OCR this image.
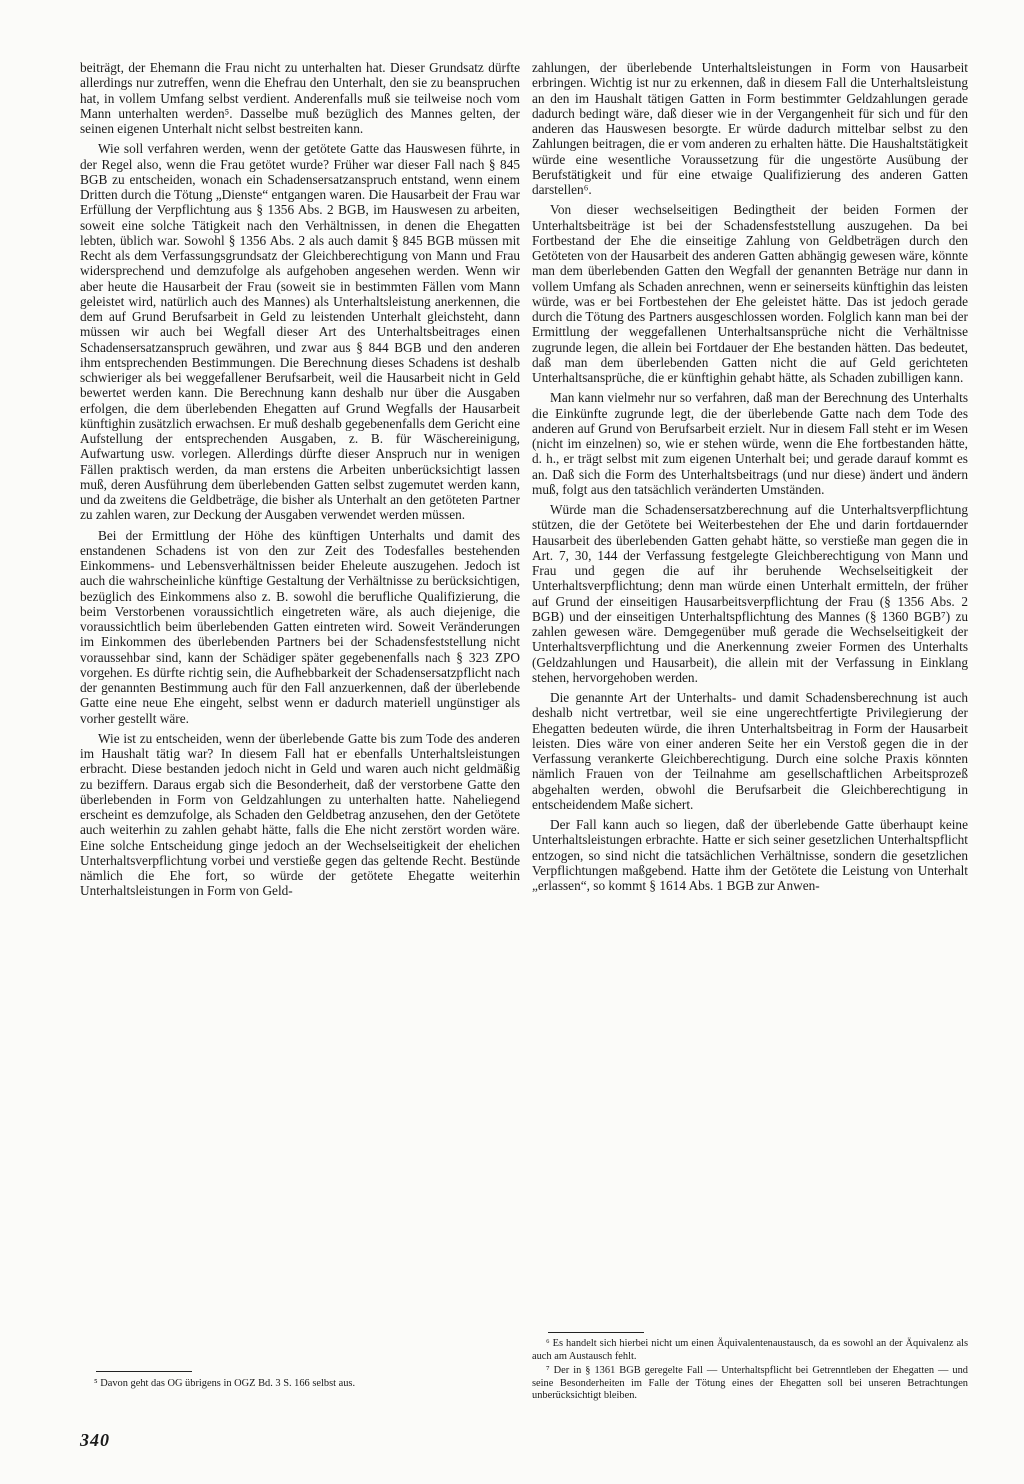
beiträgt, der Ehemann die Frau nicht zu unterhalten hat. Dieser Grundsatz dürfte allerdings nur zutreffen, wenn die Ehefrau den Unterhalt, den sie zu beanspruchen hat, in vollem Umfang selbst verdient. Anderenfalls muß sie teilweise noch vom Mann unterhalten werden⁵. Dasselbe muß bezüglich des Mannes gelten, der seinen eigenen Unterhalt nicht selbst bestreiten kann.

Wie soll verfahren werden, wenn der getötete Gatte das Hauswesen führte, in der Regel also, wenn die Frau getötet wurde? Früher war dieser Fall nach § 845 BGB zu entscheiden, wonach ein Schadensersatzanspruch entstand, wenn einem Dritten durch die Tötung „Dienste“ entgangen waren. Die Hausarbeit der Frau war Erfüllung der Verpflichtung aus § 1356 Abs. 2 BGB, im Hauswesen zu arbeiten, soweit eine solche Tätigkeit nach den Verhältnissen, in denen die Ehegatten lebten, üblich war. Sowohl § 1356 Abs. 2 als auch damit § 845 BGB müssen mit Recht als dem Verfassungsgrundsatz der Gleichberechtigung von Mann und Frau widersprechend und demzufolge als aufgehoben angesehen werden. Wenn wir aber heute die Hausarbeit der Frau (soweit sie in bestimmten Fällen vom Mann geleistet wird, natürlich auch des Mannes) als Unterhaltsleistung anerkennen, die dem auf Grund Berufsarbeit in Geld zu leistenden Unterhalt gleichsteht, dann müssen wir auch bei Wegfall dieser Art des Unterhaltsbeitrages einen Schadensersatzanspruch gewähren, und zwar aus § 844 BGB und den anderen ihm entsprechenden Bestimmungen. Die Berechnung dieses Schadens ist deshalb schwieriger als bei weggefallener Berufsarbeit, weil die Hausarbeit nicht in Geld bewertet werden kann. Die Berechnung kann deshalb nur über die Ausgaben erfolgen, die dem überlebenden Ehegatten auf Grund Wegfalls der Hausarbeit künftighin zusätzlich erwachsen. Er muß deshalb gegebenenfalls dem Gericht eine Aufstellung der entsprechenden Ausgaben, z. B. für Wäschereinigung, Aufwartung usw. vorlegen. Allerdings dürfte dieser Anspruch nur in wenigen Fällen praktisch werden, da man erstens die Arbeiten unberücksichtigt lassen muß, deren Ausführung dem überlebenden Gatten selbst zugemutet werden kann, und da zweitens die Geldbeträge, die bisher als Unterhalt an den getöteten Partner zu zahlen waren, zur Deckung der Ausgaben verwendet werden müssen.

Bei der Ermittlung der Höhe des künftigen Unterhalts und damit des enstandenen Schadens ist von den zur Zeit des Todesfalles bestehenden Einkommens- und Lebensverhältnissen beider Eheleute auszugehen. Jedoch ist auch die wahrscheinliche künftige Gestaltung der Verhältnisse zu berücksichtigen, bezüglich des Einkommens also z. B. sowohl die berufliche Qualifizierung, die beim Verstorbenen voraussichtlich eingetreten wäre, als auch diejenige, die voraussichtlich beim überlebenden Gatten eintreten wird. Soweit Veränderungen im Einkommen des überlebenden Partners bei der Schadensfeststellung nicht voraussehbar sind, kann der Schädiger später gegebenenfalls nach § 323 ZPO vorgehen. Es dürfte richtig sein, die Aufhebbarkeit der Schadensersatzpflicht nach der genannten Bestimmung auch für den Fall anzuerkennen, daß der überlebende Gatte eine neue Ehe eingeht, selbst wenn er dadurch materiell ungünstiger als vorher gestellt wäre.

Wie ist zu entscheiden, wenn der überlebende Gatte bis zum Tode des anderen im Haushalt tätig war? In diesem Fall hat er ebenfalls Unterhaltsleistungen erbracht. Diese bestanden jedoch nicht in Geld und waren auch nicht geldmäßig zu beziffern. Daraus ergab sich die Besonderheit, daß der verstorbene Gatte den überlebenden in Form von Geldzahlungen zu unterhalten hatte. Naheliegend erscheint es demzufolge, als Schaden den Geldbetrag anzusehen, den der Getötete auch weiterhin zu zahlen gehabt hätte, falls die Ehe nicht zerstört worden wäre. Eine solche Entscheidung ginge jedoch an der Wechselseitigkeit der ehelichen Unterhaltsverpflichtung vorbei und verstieße gegen das geltende Recht. Bestünde nämlich die Ehe fort, so würde der getötete Ehegatte weiterhin Unterhaltsleistungen in Form von Geld-

⁵ Davon geht das OG übrigens in OGZ Bd. 3 S. 166 selbst aus.

zahlungen, der überlebende Unterhaltsleistungen in Form von Hausarbeit erbringen. Wichtig ist nur zu erkennen, daß in diesem Fall die Unterhaltsleistung an den im Haushalt tätigen Gatten in Form bestimmter Geldzahlungen gerade dadurch bedingt wäre, daß dieser wie in der Vergangenheit für sich und für den anderen das Hauswesen besorgte. Er würde dadurch mittelbar selbst zu den Zahlungen beitragen, die er vom anderen zu erhalten hätte. Die Haushaltstätigkeit würde eine wesentliche Voraussetzung für die ungestörte Ausübung der Berufstätigkeit und für eine etwaige Qualifizierung des anderen Gatten darstellen⁶.

Von dieser wechselseitigen Bedingtheit der beiden Formen der Unterhaltsbeiträge ist bei der Schadensfeststellung auszugehen. Da bei Fortbestand der Ehe die einseitige Zahlung von Geldbeträgen durch den Getöteten von der Hausarbeit des anderen Gatten abhängig gewesen wäre, könnte man dem überlebenden Gatten den Wegfall der genannten Beträge nur dann in vollem Umfang als Schaden anrechnen, wenn er seinerseits künftighin das leisten würde, was er bei Fortbestehen der Ehe geleistet hätte. Das ist jedoch gerade durch die Tötung des Partners ausgeschlossen worden. Folglich kann man bei der Ermittlung der weggefallenen Unterhaltsansprüche nicht die Verhältnisse zugrunde legen, die allein bei Fortdauer der Ehe bestanden hätten. Das bedeutet, daß man dem überlebenden Gatten nicht die auf Geld gerichteten Unterhaltsansprüche, die er künftighin gehabt hätte, als Schaden zubilligen kann.

Man kann vielmehr nur so verfahren, daß man der Berechnung des Unterhalts die Einkünfte zugrunde legt, die der überlebende Gatte nach dem Tode des anderen auf Grund von Berufsarbeit erzielt. Nur in diesem Fall steht er im Wesen (nicht im einzelnen) so, wie er stehen würde, wenn die Ehe fortbestanden hätte, d. h., er trägt selbst mit zum eigenen Unterhalt bei; und gerade darauf kommt es an. Daß sich die Form des Unterhaltsbeitrags (und nur diese) ändert und ändern muß, folgt aus den tatsächlich veränderten Umständen.

Würde man die Schadensersatzberechnung auf die Unterhaltsverpflichtung stützen, die der Getötete bei Weiterbestehen der Ehe und darin fortdauernder Hausarbeit des überlebenden Gatten gehabt hätte, so verstieße man gegen die in Art. 7, 30, 144 der Verfassung festgelegte Gleichberechtigung von Mann und Frau und gegen die auf ihr beruhende Wechselseitigkeit der Unterhaltsverpflichtung; denn man würde einen Unterhalt ermitteln, der früher auf Grund der einseitigen Hausarbeitsverpflichtung der Frau (§ 1356 Abs. 2 BGB) und der einseitigen Unterhaltspflichtung des Mannes (§ 1360 BGB⁷) zu zahlen gewesen wäre. Demgegenüber muß gerade die Wechselseitigkeit der Unterhaltsverpflichtung und die Anerkennung zweier Formen des Unterhalts (Geldzahlungen und Hausarbeit), die allein mit der Verfassung in Einklang stehen, hervorgehoben werden.

Die genannte Art der Unterhalts- und damit Schadensberechnung ist auch deshalb nicht vertretbar, weil sie eine ungerechtfertigte Privilegierung der Ehegatten bedeuten würde, die ihren Unterhaltsbeitrag in Form der Hausarbeit leisten. Dies wäre von einer anderen Seite her ein Verstoß gegen die in der Verfassung verankerte Gleichberechtigung. Durch eine solche Praxis könnten nämlich Frauen von der Teilnahme am gesellschaftlichen Arbeitsprozeß abgehalten werden, obwohl die Berufsarbeit die Gleichberechtigung in entscheidendem Maße sichert.

Der Fall kann auch so liegen, daß der überlebende Gatte überhaupt keine Unterhaltsleistungen erbrachte. Hatte er sich seiner gesetzlichen Unterhaltspflicht entzogen, so sind nicht die tatsächlichen Verhältnisse, sondern die gesetzlichen Verpflichtungen maßgebend. Hatte ihm der Getötete die Leistung von Unterhalt „erlassen“, so kommt § 1614 Abs. 1 BGB zur Anwen-

⁶ Es handelt sich hierbei nicht um einen Äquivalentenaustausch, da es sowohl an der Äquivalenz als auch am Austausch fehlt.

⁷ Der in § 1361 BGB geregelte Fall — Unterhaltspflicht bei Getrenntleben der Ehegatten — und seine Besonderheiten im Falle der Tötung eines der Ehegatten soll bei unseren Betrachtungen unberücksichtigt bleiben.

340
